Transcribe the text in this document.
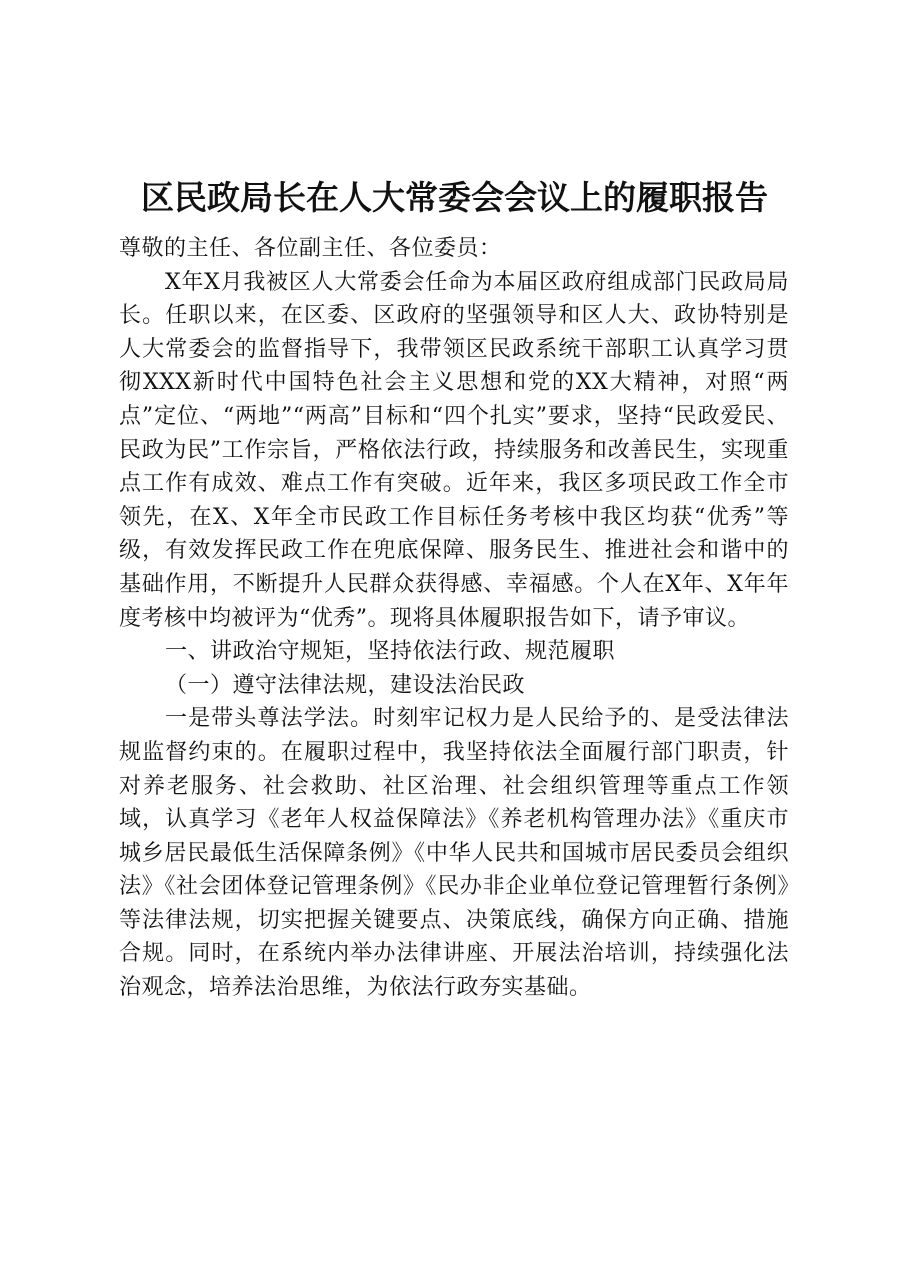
区民政局长在人大常委会会议上的履职报告

尊敬的主任、各位副主任、各位委员：

X年X月我被区人大常委会任命为本届区政府组成部门民政局局长。任职以来，在区委、区政府的坚强领导和区人大、政协特别是人大常委会的监督指导下，我带领区民政系统干部职工认真学习贯彻XXX新时代中国特色社会主义思想和党的XX大精神，对照“两点”定位、“两地”“两高”目标和“四个扎实”要求，坚持“民政爱民、民政为民”工作宗旨，严格依法行政，持续服务和改善民生，实现重点工作有成效、难点工作有突破。近年来，我区多项民政工作全市领先，在X、X年全市民政工作目标任务考核中我区均获“优秀”等级，有效发挥民政工作在兜底保障、服务民生、推进社会和谐中的基础作用，不断提升人民群众获得感、幸福感。个人在X年、X年年度考核中均被评为“优秀”。现将具体履职报告如下，请予审议。

一、讲政治守规矩，坚持依法行政、规范履职

（一）遵守法律法规，建设法治民政

一是带头尊法学法。时刻牢记权力是人民给予的、是受法律法规监督约束的。在履职过程中，我坚持依法全面履行部门职责，针对养老服务、社会救助、社区治理、社会组织管理等重点工作领域，认真学习《老年人权益保障法》《养老机构管理办法》《重庆市城乡居民最低生活保障条例》《中华人民共和国城市居民委员会组织法》《社会团体登记管理条例》《民办非企业单位登记管理暂行条例》等法律法规，切实把握关键要点、决策底线，确保方向正确、措施合规。同时，在系统内举办法律讲座、开展法治培训，持续强化法治观念，培养法治思维，为依法行政夯实基础。
